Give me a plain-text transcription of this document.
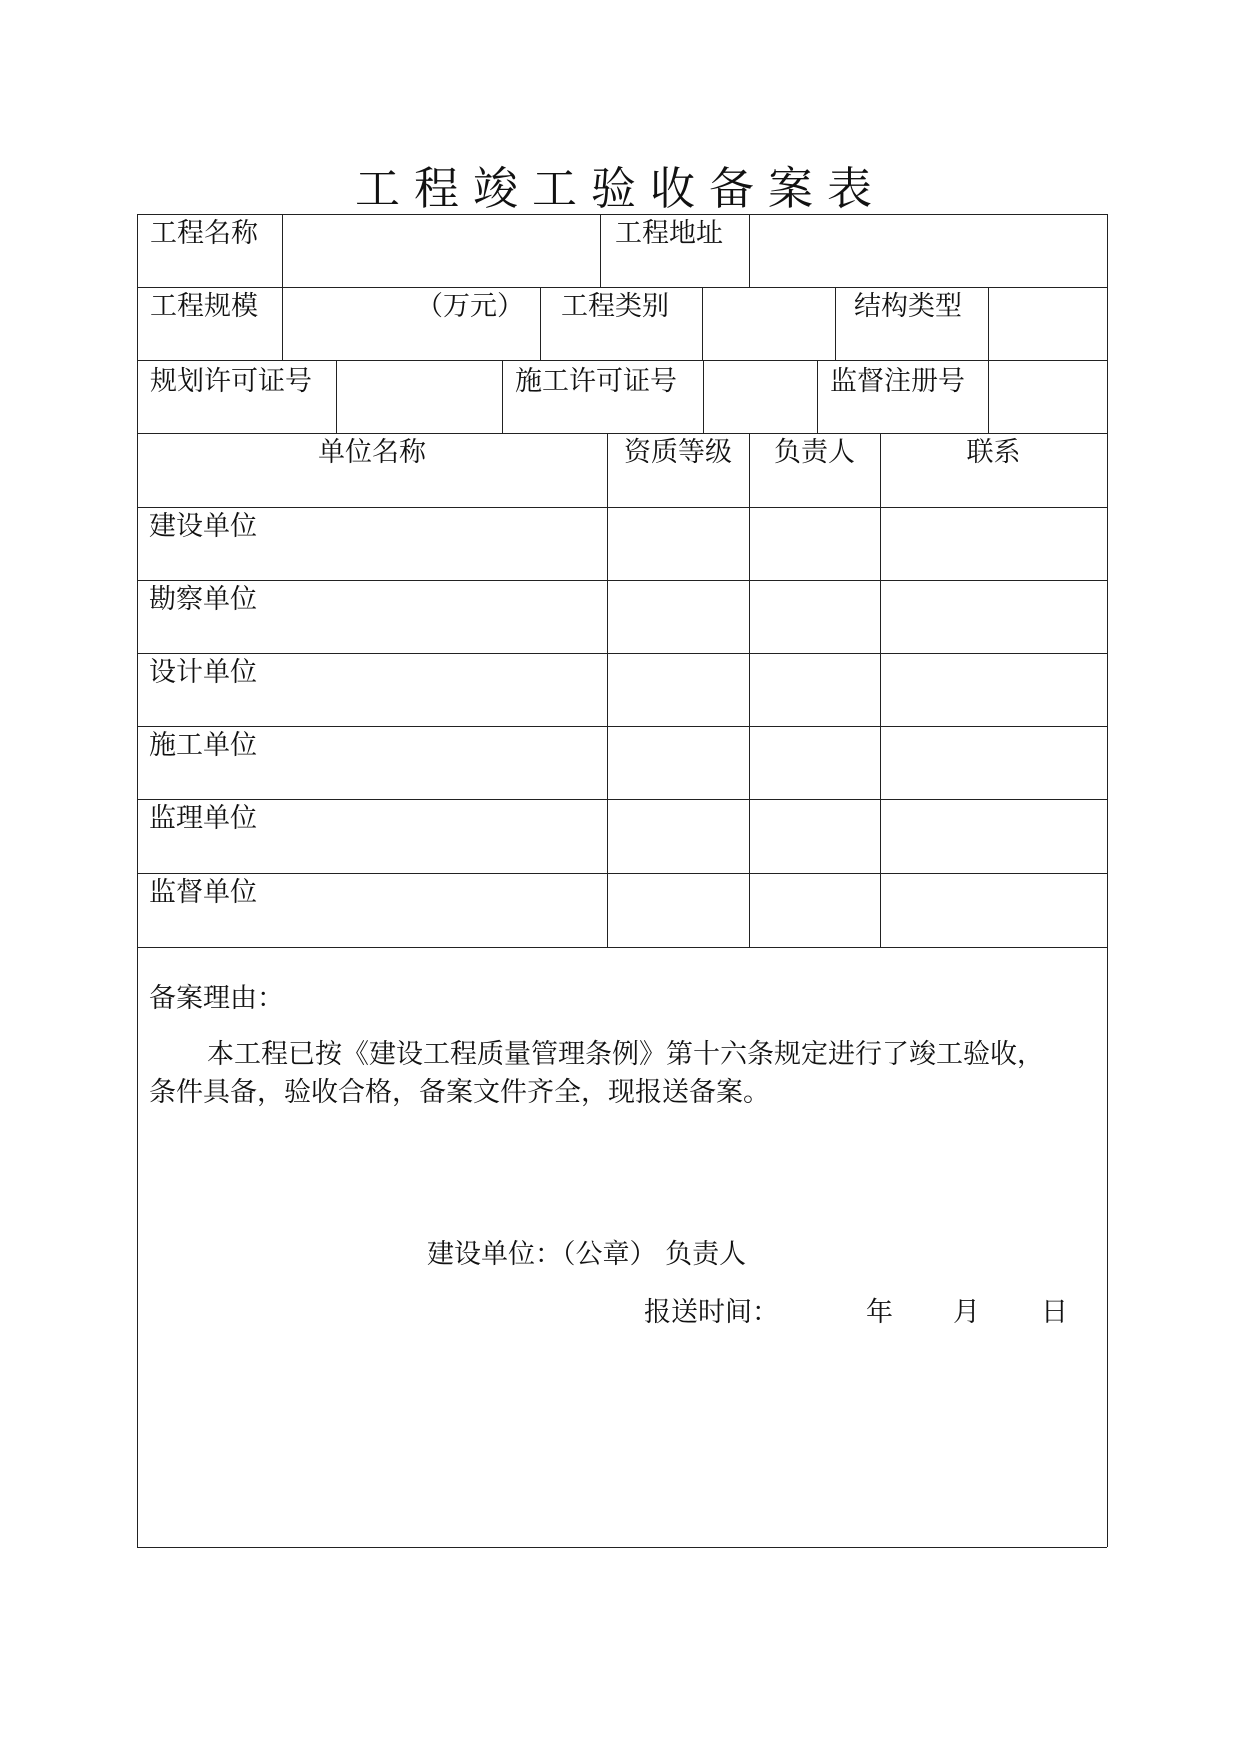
工程竣工验收备案表
工程名称	工程地址
工程规模	（万元） 工程类别	结构类型
规划许可证号	施工许可证号	监督注册号
单位名称	资质等级	负责人	联系
建设单位
勘察单位
设计单位
施工单位
监理单位
监督单位
备案理由：
本工程已按《建设工程质量管理条例》第十六条规定进行了竣工验收，
条件具备，验收合格，备案文件齐全，现报送备案。
建设单位：（公章） 负责人
报送时间：	年 月 日
